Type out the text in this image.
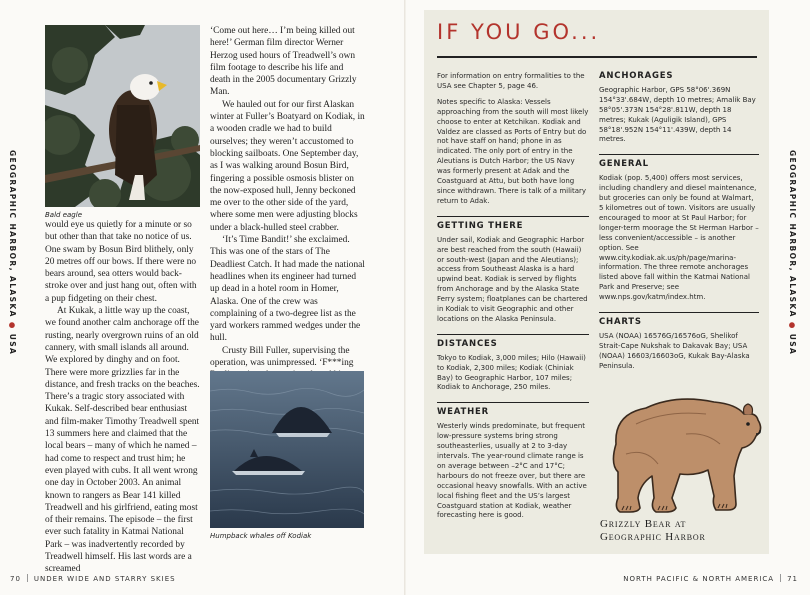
GEOGRAPHIC HARBOR, ALASKA●USA
Bald eagle

would eye us quietly for a minute or so but other than that take no notice of us. One swam by Bosun Bird blithely, only 20 metres off our bows. If there were no bears around, sea otters would back-stroke over and just hang out, often with a pup fidgeting on their chest.

At Kukak, a little way up the coast, we found another calm anchorage off the rusting, nearly overgrown ruins of an old cannery, with small islands all around. We explored by dinghy and on foot. There were more grizzlies far in the distance, and fresh tracks on the beaches. There’s a tragic story associated with Kukak. Self-described bear enthusiast and film-maker Timothy Treadwell spent 13 summers here and claimed that the local bears – many of which he named – had come to respect and trust him; he even played with cubs. It all went wrong one day in October 2003. An animal known to rangers as Bear 141 killed Treadwell and his girlfriend, eating most of their remains. The episode – the first ever such fatality in Katmai National Park – was inadvertently recorded by Treadwell himself. His last words are a screamed

‘Come out here… I’m being killed out here!’ German film director Werner Herzog used hours of Treadwell’s own film footage to describe his life and death in the 2005 documentary Grizzly Man.

We hauled out for our first Alaskan winter at Fuller’s Boatyard on Kodiak, in a wooden cradle we had to build ourselves; they weren’t accustomed to blocking sailboats. One September day, as I was walking around Bosun Bird, fingering a possible osmosis blister on the now-exposed hull, Jenny beckoned me over to the other side of the yard, where some men were adjusting blocks under a black-hulled steel crabber.

‘It’s Time Bandit!’ she exclaimed. This was one of the stars of The Deadliest Catch. It had made the national headlines when its engineer had turned up dead in a hotel room in Homer, Alaska. One of the crew was complaining of a two-degree list as the yard workers rammed wedges under the hull.

Crusty Bill Fuller, supervising the operation, was unimpressed. ‘F***ing

Humpback whales off Kodiak
70 UNDER WIDE AND STARRY SKIES
IF YOU GO...

For information on entry formalities to the USA see Chapter 5, page 46.

Notes specific to Alaska: Vessels approaching from the south will most likely choose to enter at Ketchikan. Kodiak and Valdez are classed as Ports of Entry but do not have staff on hand; phone in as indicated. The only port of entry in the Aleutians is Dutch Harbor; the US Navy was formerly present at Adak and the Coastguard at Attu, but both have long since withdrawn. There is talk of a military return to Adak.

GETTING THERE

Under sail, Kodiak and Geographic Harbor are best reached from the south (Hawaii) or south-west (Japan and the Aleutians); access from Southeast Alaska is a hard upwind beat. Kodiak is served by flights from Anchorage and by the Alaska State Ferry system; floatplanes can be chartered in Kodiak to visit Geographic and other locations on the Alaska Peninsula.

DISTANCES

Tokyo to Kodiak, 3,000 miles; Hilo (Hawaii) to Kodiak, 2,300 miles; Kodiak (Chiniak Bay) to Geographic Harbor, 107 miles; Kodiak to Anchorage, 250 miles.

WEATHER

Westerly winds predominate, but frequent low-pressure systems bring strong southeasterlies, usually at 2 to 3-day intervals. The year-round climate range is on average between –2°C and 17°C; harbours do not freeze over, but there are occasional heavy snowfalls. With an active local fishing fleet and the US’s largest Coastguard station at Kodiak, weather forecasting here is good.

ANCHORAGES

Geographic Harbor, GPS 58°06'.369N 154°33'.684W, depth 10 metres; Amalik Bay 58°05'.373N 154°28'.811W, depth 18 metres; Kukak (Aguligik Island), GPS 58°18'.952N 154°11'.439W, depth 14 metres.

GENERAL

Kodiak (pop. 5,400) offers most services, including chandlery and diesel maintenance, but groceries can only be found at Walmart, 5 kilometres out of town. Visitors are usually encouraged to moor at St Paul Harbor; for longer-term moorage the St Herman Harbor – less convenient/accessible – is another option. See www.city.kodiak.ak.us/ph/page/marina-information. The three remote anchorages listed above fall within the Katmai National Park and Preserve; see www.nps.gov/katm/index.htm.

CHARTS

USA (NOAA) 16576G/16576oG, Shelikof Strait-Cape Nukshak to Dakavak Bay; USA (NOAA) 16603/16603oG, Kukak Bay-Alaska Peninsula.

Grizzly Bear at
Geographic Harbor
GEOGRAPHIC HARBOR, ALASKA●USA
NORTH PACIFIC & NORTH AMERICA 71
